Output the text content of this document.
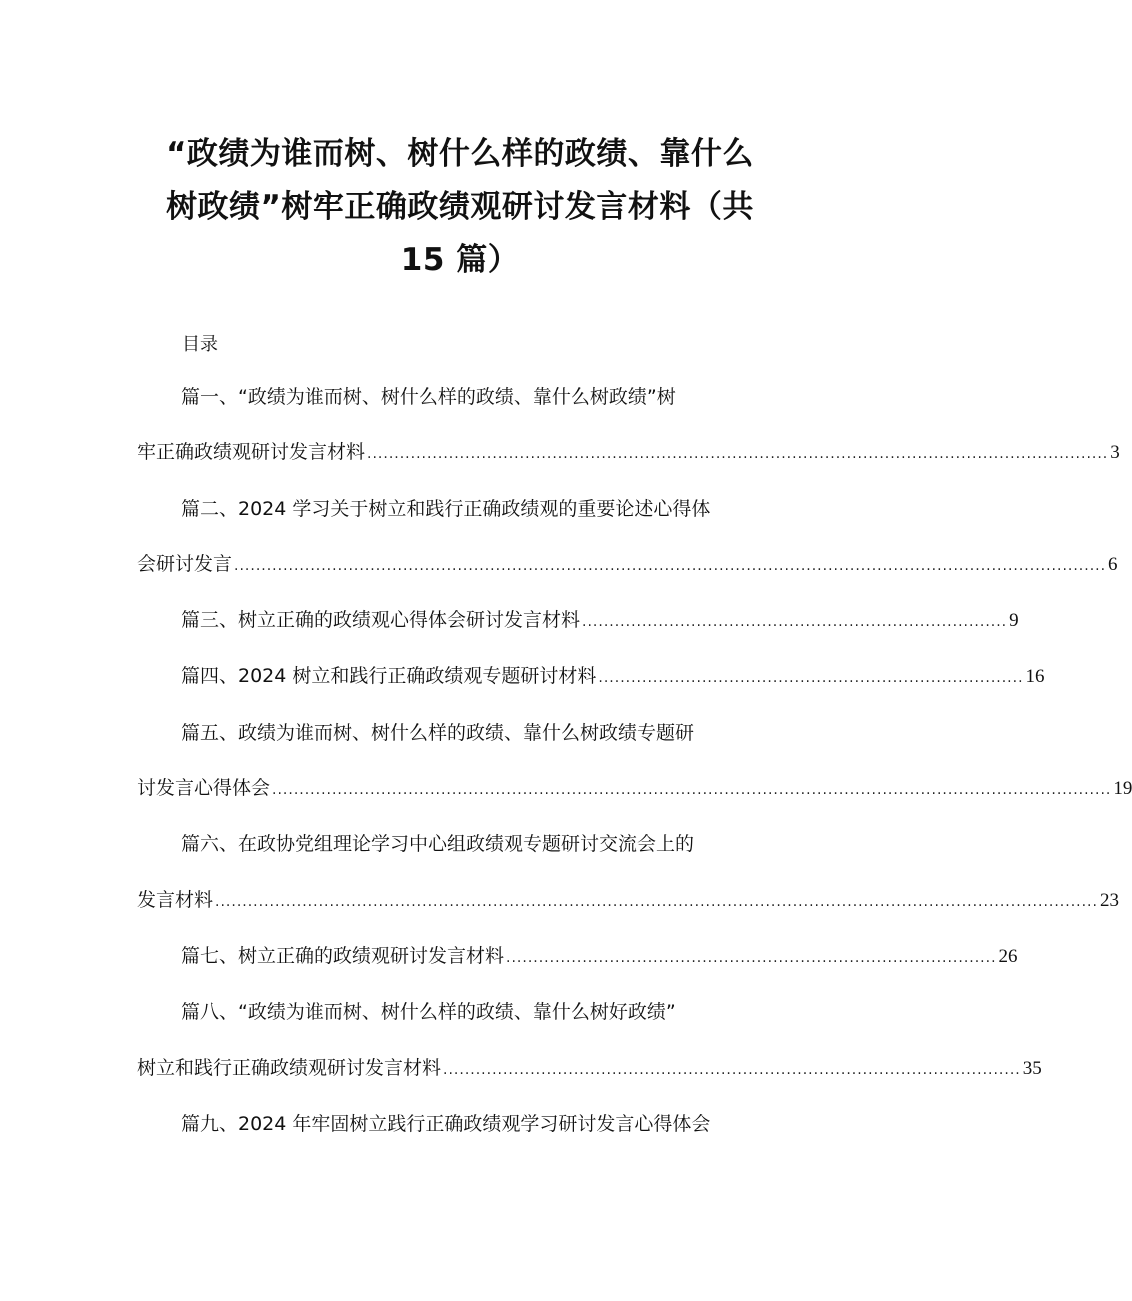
“政绩为谁而树、树什么样的政绩、靠什么
树政绩”树牢正确政绩观研讨发言材料（共
15 篇）
目录
篇一、“政绩为谁而树、树什么样的政绩、靠什么树政绩”树
牢正确政绩观研讨发言材料 ........................................................................................................................................ 3
篇二、2024 学习关于树立和践行正确政绩观的重要论述心得体
会研讨发言 ................................................................................................................................................................ 6
篇三、树立正确的政绩观心得体会研讨发言材料 .............................................................................. 9
篇四、2024 树立和践行正确政绩观专题研讨材料 .............................................................................. 16
篇五、政绩为谁而树、树什么样的政绩、靠什么树政绩专题研
讨发言心得体会 .......................................................................................................................................................... 19
篇六、在政协党组理论学习中心组政绩观专题研讨交流会上的
发言材料 .................................................................................................................................................................. 23
篇七、树立正确的政绩观研讨发言材料 .......................................................................................... 26
篇八、“政绩为谁而树、树什么样的政绩、靠什么树好政绩”
树立和践行正确政绩观研讨发言材料 .......................................................................................................... 35
篇九、2024 年牢固树立践行正确政绩观学习研讨发言心得体会
